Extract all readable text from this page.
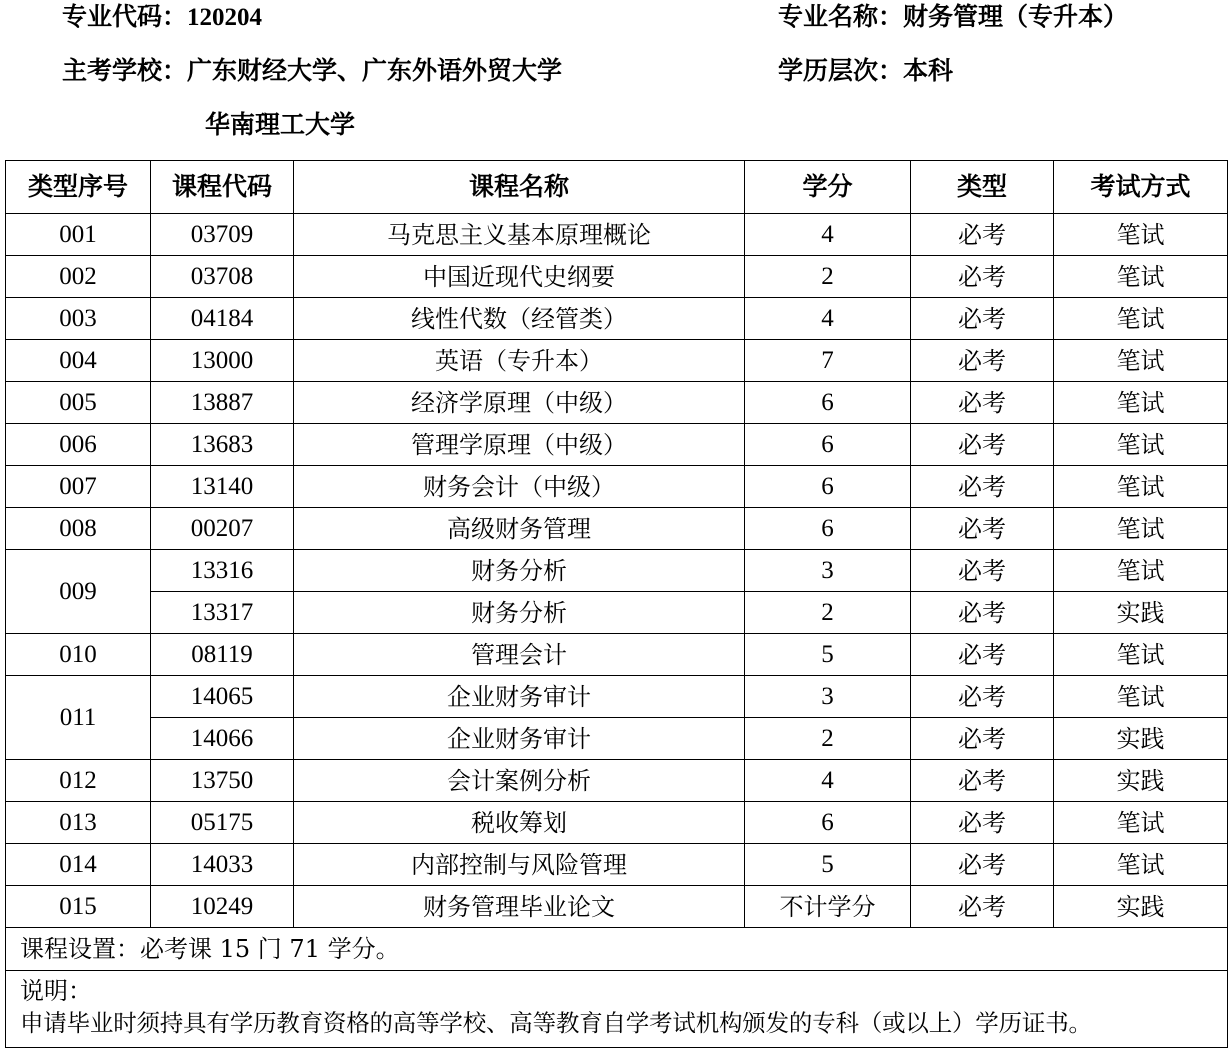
专业代码：120204	专业名称：财务管理（专升本）
主考学校：广东财经大学、广东外语外贸大学	学历层次：本科
华南理工大学
类型序号	课程代码	课程名称	学分	类型	考试方式
001	03709	马克思主义基本原理概论	4	必考	笔试
002	03708	中国近现代史纲要	2	必考	笔试
003	04184	线性代数（经管类）	4	必考	笔试
004	13000	英语（专升本）	7	必考	笔试
005	13887	经济学原理（中级）	6	必考	笔试
006	13683	管理学原理（中级）	6	必考	笔试
007	13140	财务会计（中级）	6	必考	笔试
008	00207	高级财务管理	6	必考	笔试
009	13316	财务分析	3	必考	笔试
	13317	财务分析	2	必考	实践
010	08119	管理会计	5	必考	笔试
011	14065	企业财务审计	3	必考	笔试
	14066	企业财务审计	2	必考	实践
012	13750	会计案例分析	4	必考	实践
013	05175	税收筹划	6	必考	笔试
014	14033	内部控制与风险管理	5	必考	笔试
015	10249	财务管理毕业论文	不计学分	必考	实践
课程设置：必考课 15 门 71 学分。					

说明：
申请毕业时须持具有学历教育资格的高等学校、高等教育自学考试机构颁发的专科（或以上）学历证书。					
